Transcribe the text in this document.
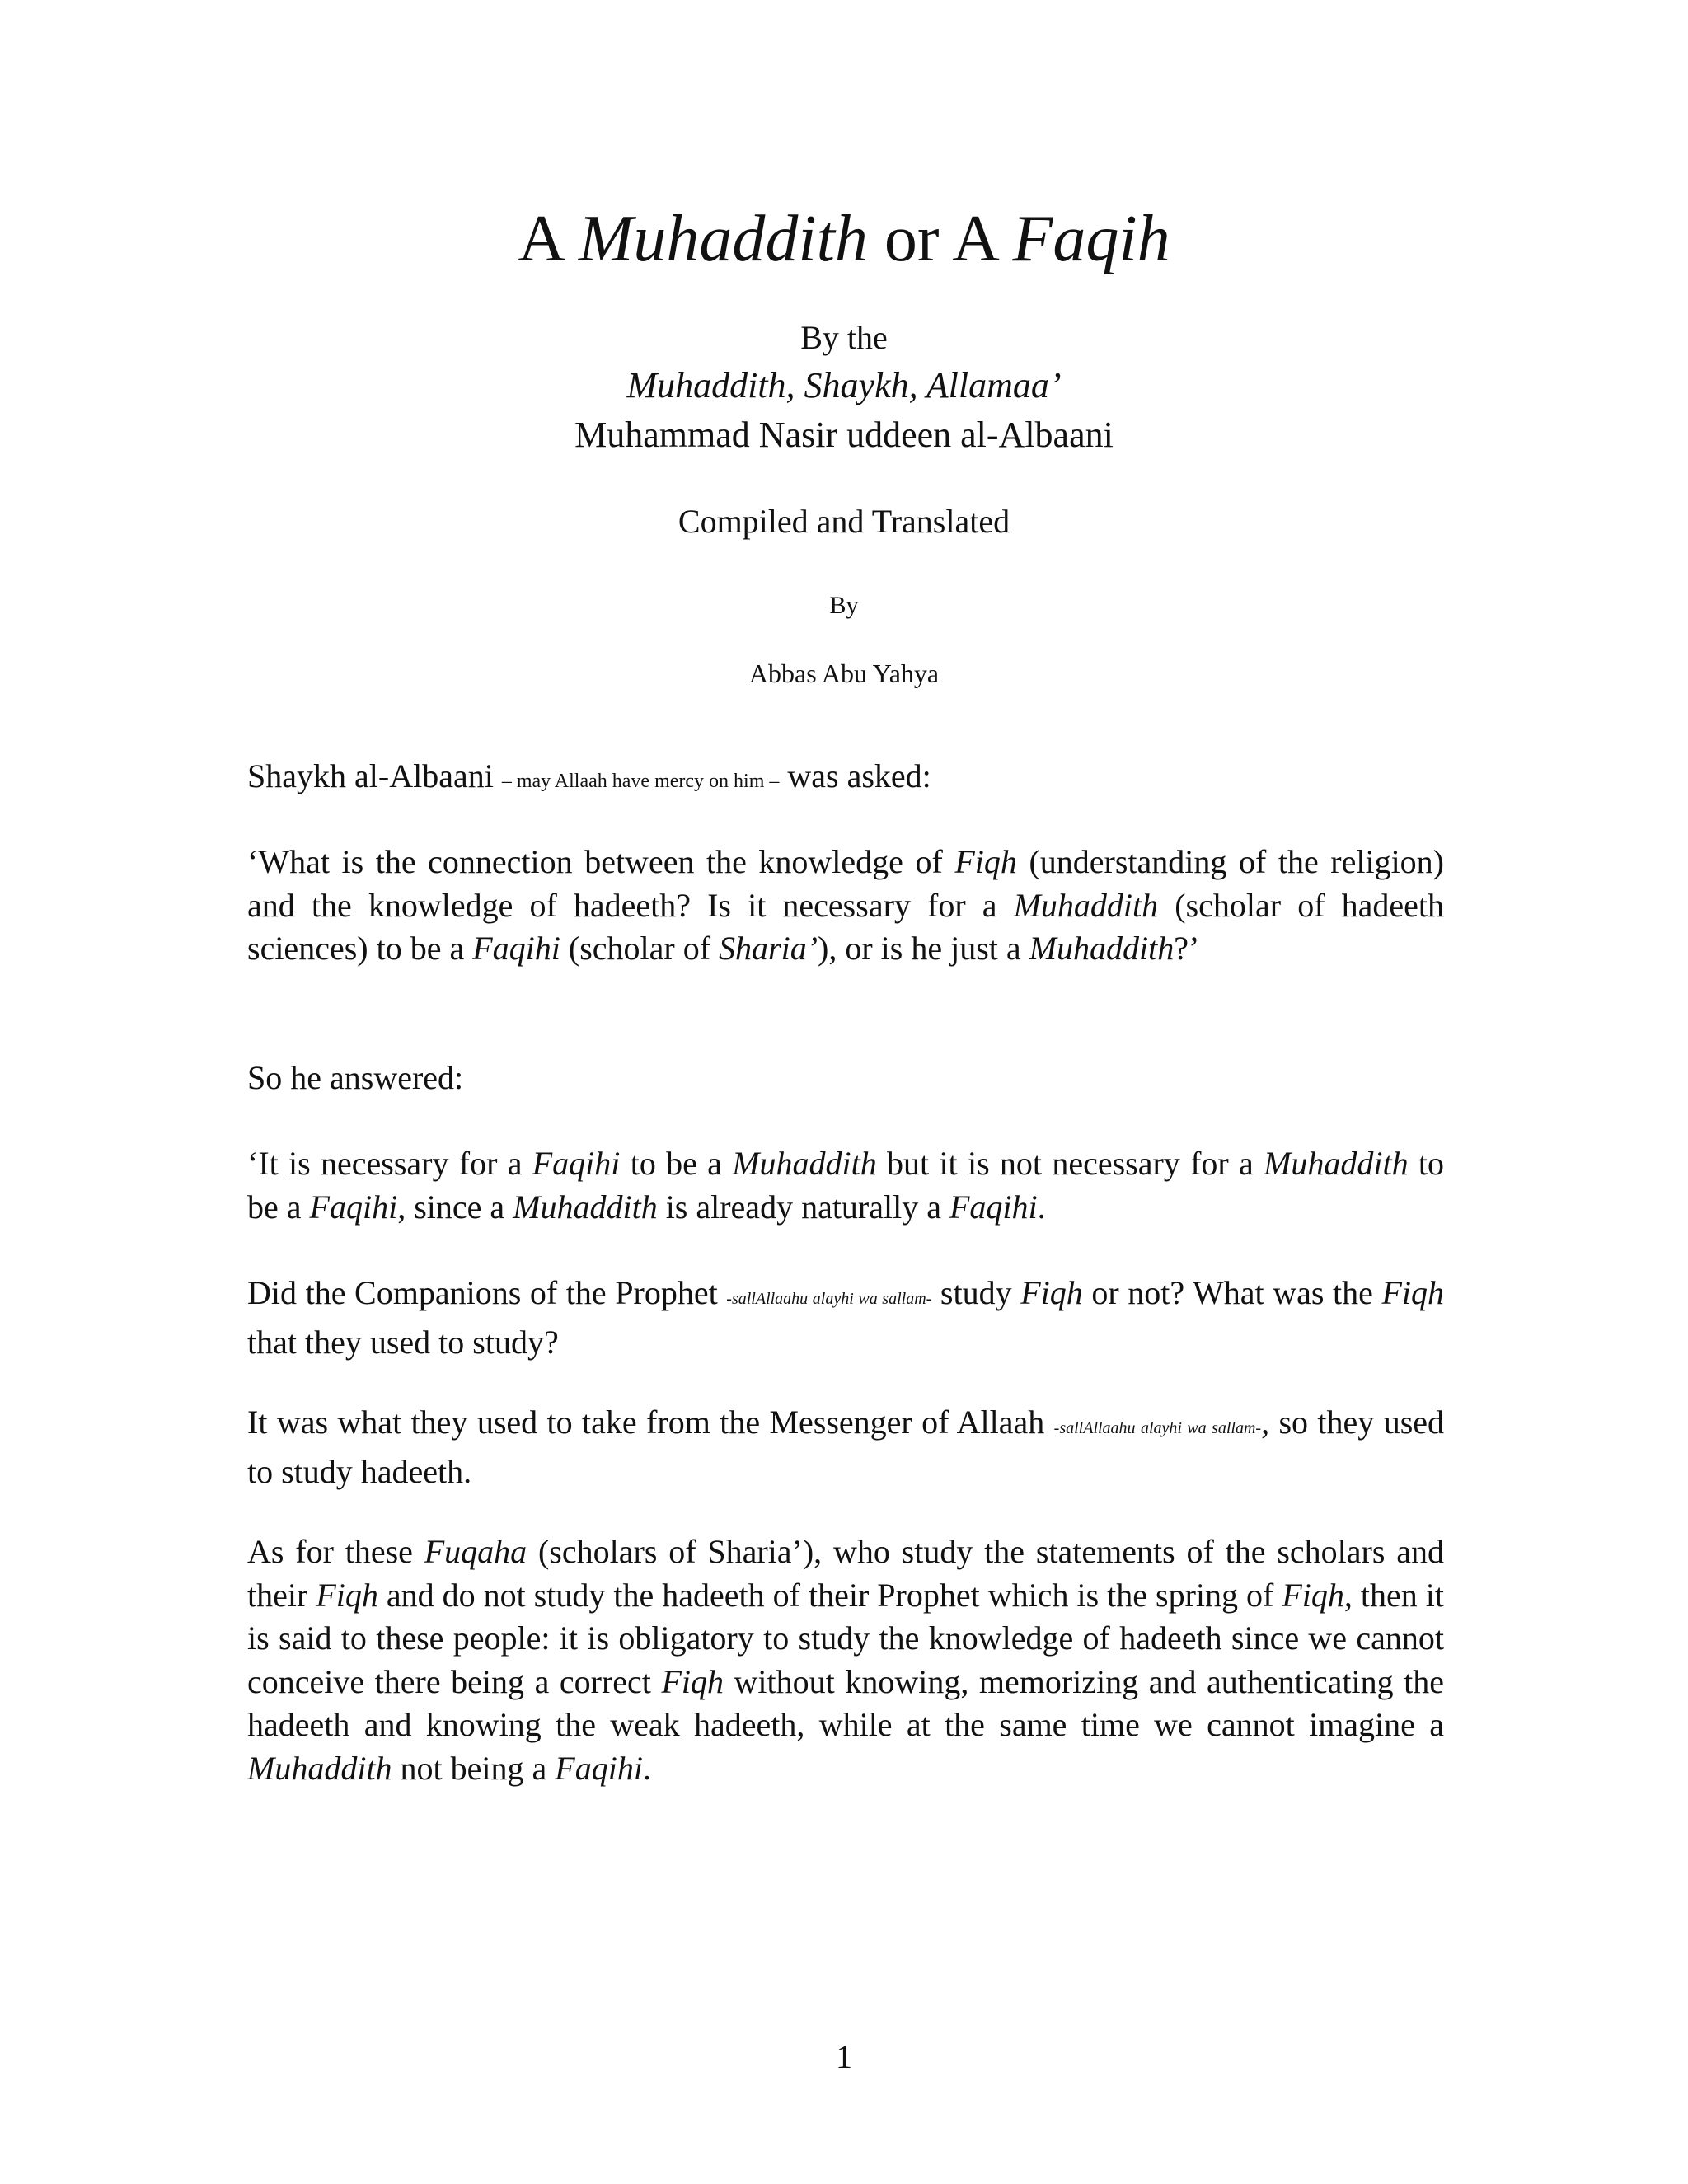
A Muhaddith or A Faqih
By the
Muhaddith, Shaykh, Allamaa’
Muhammad Nasir uddeen al-Albaani
Compiled and Translated
By
Abbas Abu Yahya

Shaykh al-Albaani – may Allaah have mercy on him – was asked:

‘What is the connection between the knowledge of Fiqh (understanding of the religion) and the knowledge of hadeeth? Is it necessary for a Muhaddith (scholar of hadeeth sciences) to be a Faqihi (scholar of Sharia’), or is he just a Muhaddith?’

So he answered:

‘It is necessary for a Faqihi to be a Muhaddith but it is not necessary for a Muhaddith to be a Faqihi, since a Muhaddith is already naturally a Faqihi.

Did the Companions of the Prophet -sallAllaahu alayhi wa sallam- study Fiqh or not? What was the Fiqh that they used to study?

It was what they used to take from the Messenger of Allaah -sallAllaahu alayhi wa sallam-, so they used to study hadeeth.

As for these Fuqaha (scholars of Sharia’), who study the statements of the scholars and their Fiqh and do not study the hadeeth of their Prophet which is the spring of Fiqh, then it is said to these people: it is obligatory to study the knowledge of hadeeth since we cannot conceive there being a correct Fiqh without knowing, memorizing and authenticating the hadeeth and knowing the weak hadeeth, while at the same time we cannot imagine a Muhaddith not being a Faqihi.

1
